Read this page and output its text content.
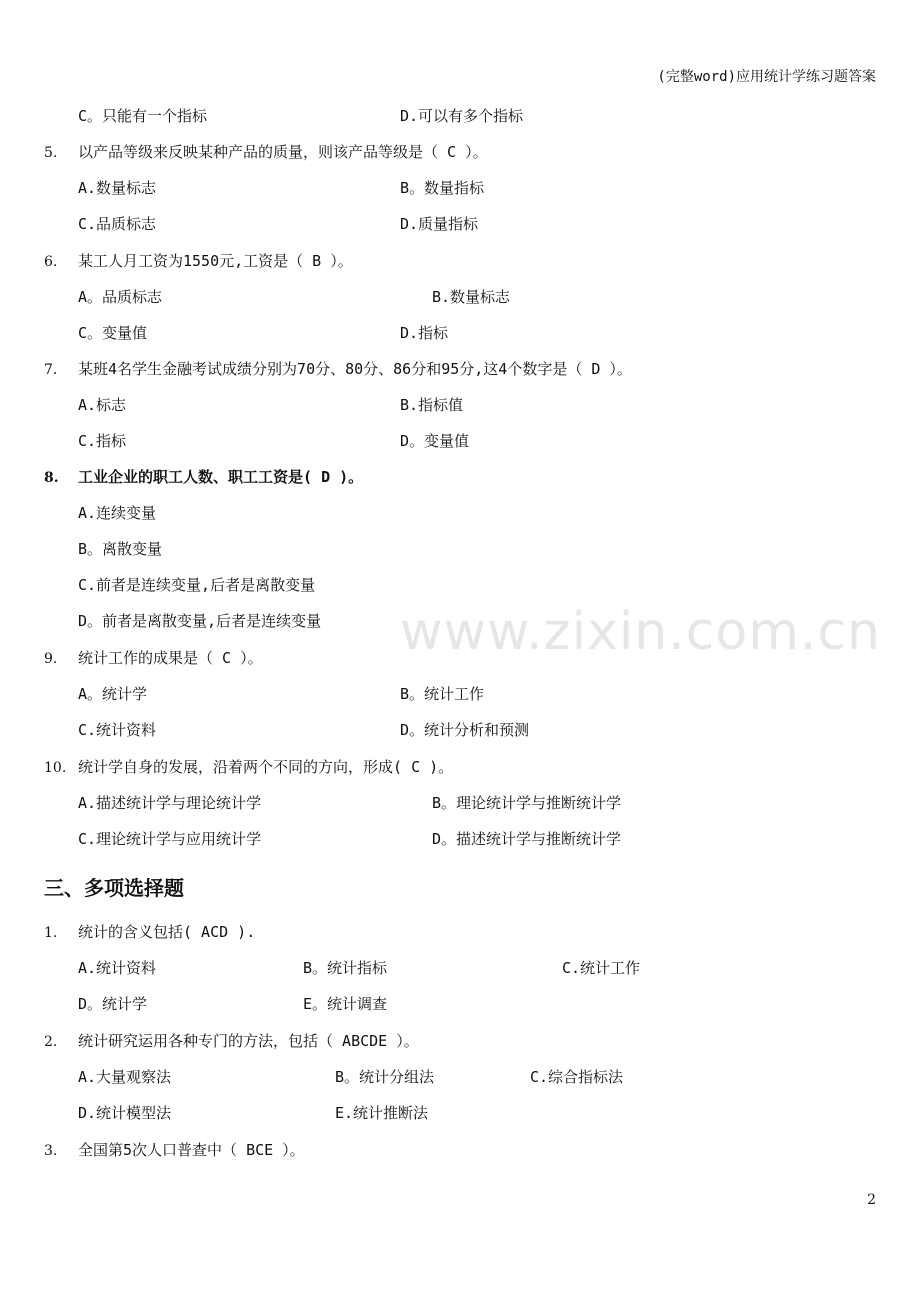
(完整word)应用统计学练习题答案
C。只能有一个指标	D.可以有多个指标
5. 以产品等级来反映某种产品的质量，则该产品等级是（ C ）。
A.数量标志	B。数量指标
C.品质标志	D.质量指标
6. 某工人月工资为1550元,工资是（ B ）。
A。品质标志	B.数量标志
C。变量值	D.指标
7. 某班4名学生金融考试成绩分别为70分、80分、86分和95分,这4个数字是（ D ）。
A.标志	B.指标值
C.指标	D。变量值
8. 工业企业的职工人数、职工工资是( D )。
A.连续变量
B。离散变量
C.前者是连续变量,后者是离散变量
D。前者是离散变量,后者是连续变量
9. 统计工作的成果是（ C ）。
A。统计学	B。统计工作
C.统计资料	D。统计分析和预测
10. 统计学自身的发展，沿着两个不同的方向，形成( C )。
A.描述统计学与理论统计学	B。理论统计学与推断统计学
C.理论统计学与应用统计学	D。描述统计学与推断统计学
三、多项选择题
1. 统计的含义包括( ACD ).
A.统计资料	B。统计指标	C.统计工作
D。统计学	E。统计调查
2. 统计研究运用各种专门的方法，包括（ ABCDE ）。
A.大量观察法	B。统计分组法	C.综合指标法
D.统计模型法	E.统计推断法
3. 全国第5次人口普查中（ BCE ）。
www.zixin.com.cn
2
